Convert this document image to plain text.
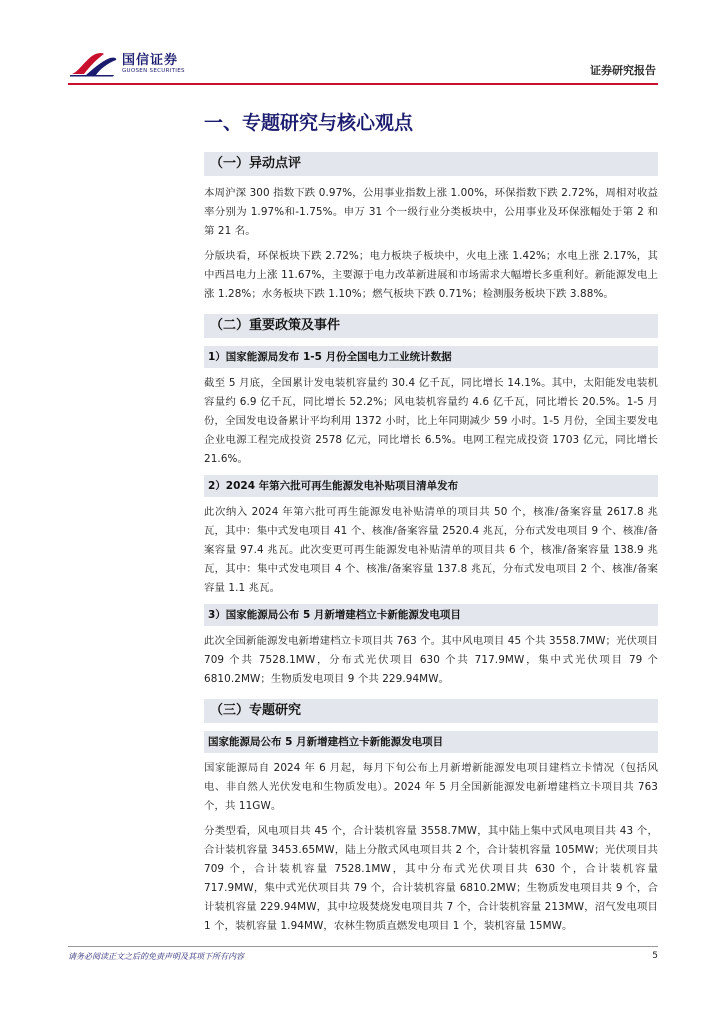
国信证券
GUOSEN SECURITIES	证券研究报告
一、专题研究与核心观点
（一）异动点评
本周沪深 300 指数下跌 0.97%，公用事业指数上涨 1.00%，环保指数下跌 2.72%，周相对收益率分别为 1.97%和-1.75%。申万 31 个一级行业分类板块中，公用事业及环保涨幅处于第 2 和第 21 名。
分版块看，环保板块下跌 2.72%；电力板块子板块中，火电上涨 1.42%；水电上涨 2.17%，其中西昌电力上涨 11.67%，主要源于电力改革新进展和市场需求大幅增长多重利好。新能源发电上涨 1.28%；水务板块下跌 1.10%；燃气板块下跌 0.71%；检测服务板块下跌 3.88%。
（二）重要政策及事件
1）国家能源局发布 1-5 月份全国电力工业统计数据
截至 5 月底，全国累计发电装机容量约 30.4 亿千瓦，同比增长 14.1%。其中，太阳能发电装机容量约 6.9 亿千瓦，同比增长 52.2%；风电装机容量约 4.6 亿千瓦，同比增长 20.5%。1-5 月份，全国发电设备累计平均利用 1372 小时，比上年同期减少 59 小时。1-5 月份，全国主要发电企业电源工程完成投资 2578 亿元，同比增长 6.5%。电网工程完成投资 1703 亿元，同比增长 21.6%。
2）2024 年第六批可再生能源发电补贴项目清单发布
此次纳入 2024 年第六批可再生能源发电补贴清单的项目共 50 个，核准/备案容量 2617.8 兆瓦，其中：集中式发电项目 41 个、核准/备案容量 2520.4 兆瓦，分布式发电项目 9 个、核准/备案容量 97.4 兆瓦。此次变更可再生能源发电补贴清单的项目共 6 个，核准/备案容量 138.9 兆瓦，其中：集中式发电项目 4 个、核准/备案容量 137.8 兆瓦，分布式发电项目 2 个、核准/备案容量 1.1 兆瓦。
3）国家能源局公布 5 月新增建档立卡新能源发电项目
此次全国新能源发电新增建档立卡项目共 763 个。其中风电项目 45 个共 3558.7MW；光伏项目 709 个共 7528.1MW，分布式光伏项目 630 个共 717.9MW，集中式光伏项目 79 个 6810.2MW；生物质发电项目 9 个共 229.94MW。
（三）专题研究
国家能源局公布 5 月新增建档立卡新能源发电项目
国家能源局自 2024 年 6 月起，每月下旬公布上月新增新能源发电项目建档立卡情况（包括风电、非自然人光伏发电和生物质发电）。2024 年 5 月全国新能源发电新增建档立卡项目共 763 个，共 11GW。
分类型看，风电项目共 45 个，合计装机容量 3558.7MW，其中陆上集中式风电项目共 43 个，合计装机容量 3453.65MW，陆上分散式风电项目共 2 个，合计装机容量 105MW；光伏项目共 709 个，合计装机容量 7528.1MW，其中分布式光伏项目共 630 个，合计装机容量 717.9MW，集中式光伏项目共 79 个，合计装机容量 6810.2MW；生物质发电项目共 9 个，合计装机容量 229.94MW，其中垃圾焚烧发电项目共 7 个，合计装机容量 213MW，沼气发电项目 1 个，装机容量 1.94MW，农林生物质直燃发电项目 1 个，装机容量 15MW。
请务必阅读正文之后的免责声明及其项下所有内容	5
